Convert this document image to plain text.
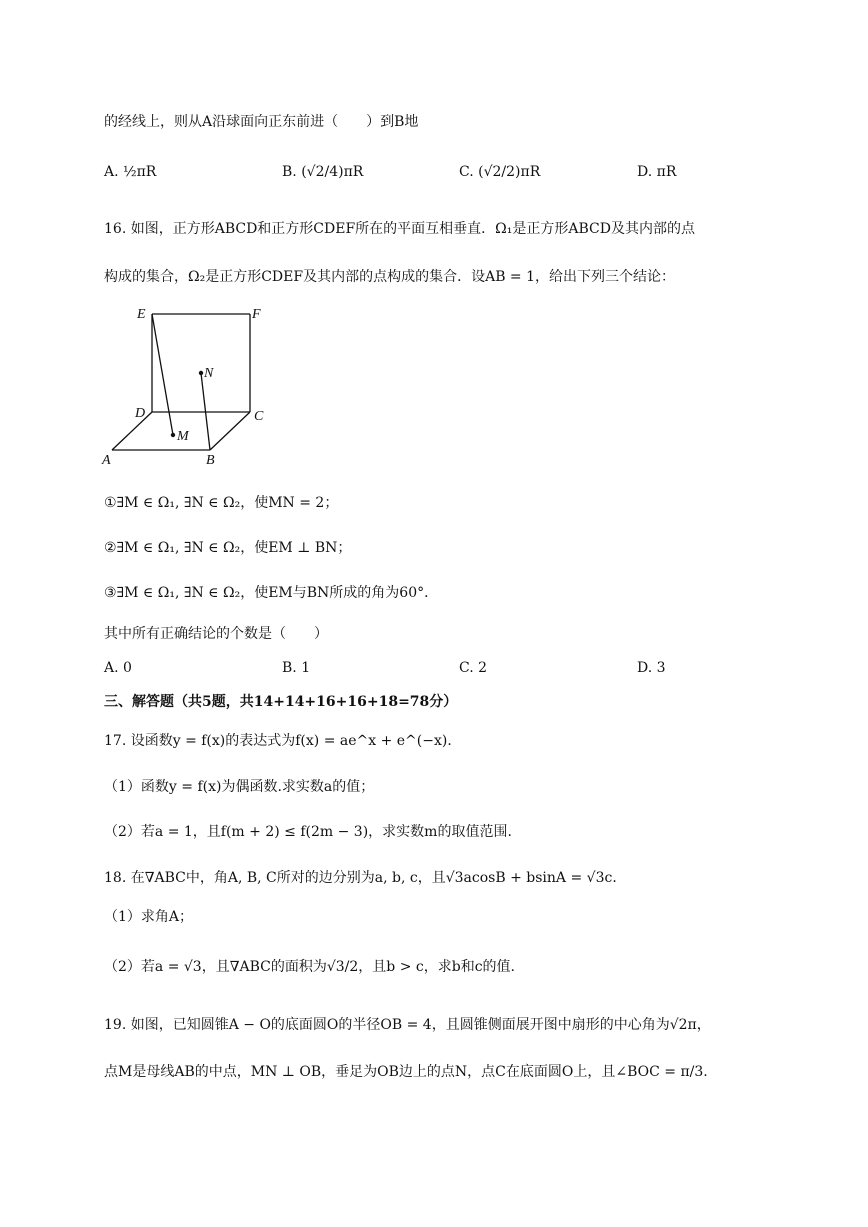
的经线上，则从A沿球面向正东前进（　　）到B地
A. ½πR	B. (√2/4)πR	C. (√2/2)πR	D. πR
16. 如图，正方形ABCD和正方形CDEF所在的平面互相垂直．Ω₁是正方形ABCD及其内部的点
构成的集合，Ω₂是正方形CDEF及其内部的点构成的集合．设AB = 1，给出下列三个结论：
E	F
D	C
A	B
M
N
①∃M ∈ Ω₁, ∃N ∈ Ω₂，使MN = 2；
②∃M ∈ Ω₁, ∃N ∈ Ω₂，使EM ⊥ BN；
③∃M ∈ Ω₁, ∃N ∈ Ω₂，使EM与BN所成的角为60°．
其中所有正确结论的个数是（　　）
A. 0	B. 1	C. 2	D. 3
三、解答题（共5题，共14+14+16+16+18=78分）
17. 设函数y = f(x)的表达式为f(x) = ae^x + e^(−x)．
（1）函数y = f(x)为偶函数.求实数a的值；
（2）若a = 1，且f(m + 2) ≤ f(2m − 3)，求实数m的取值范围.
18. 在∇ABC中，角A, B, C所对的边分别为a, b, c，且√3acosB + bsinA = √3c．
（1）求角A；
（2）若a = √3，且∇ABC的面积为√3/2，且b > c，求b和c的值.
19. 如图，已知圆锥A − O的底面圆O的半径OB = 4，且圆锥侧面展开图中扇形的中心角为√2π，
点M是母线AB的中点，MN ⊥ OB，垂足为OB边上的点N，点C在底面圆O上，且∠BOC = π/3.
